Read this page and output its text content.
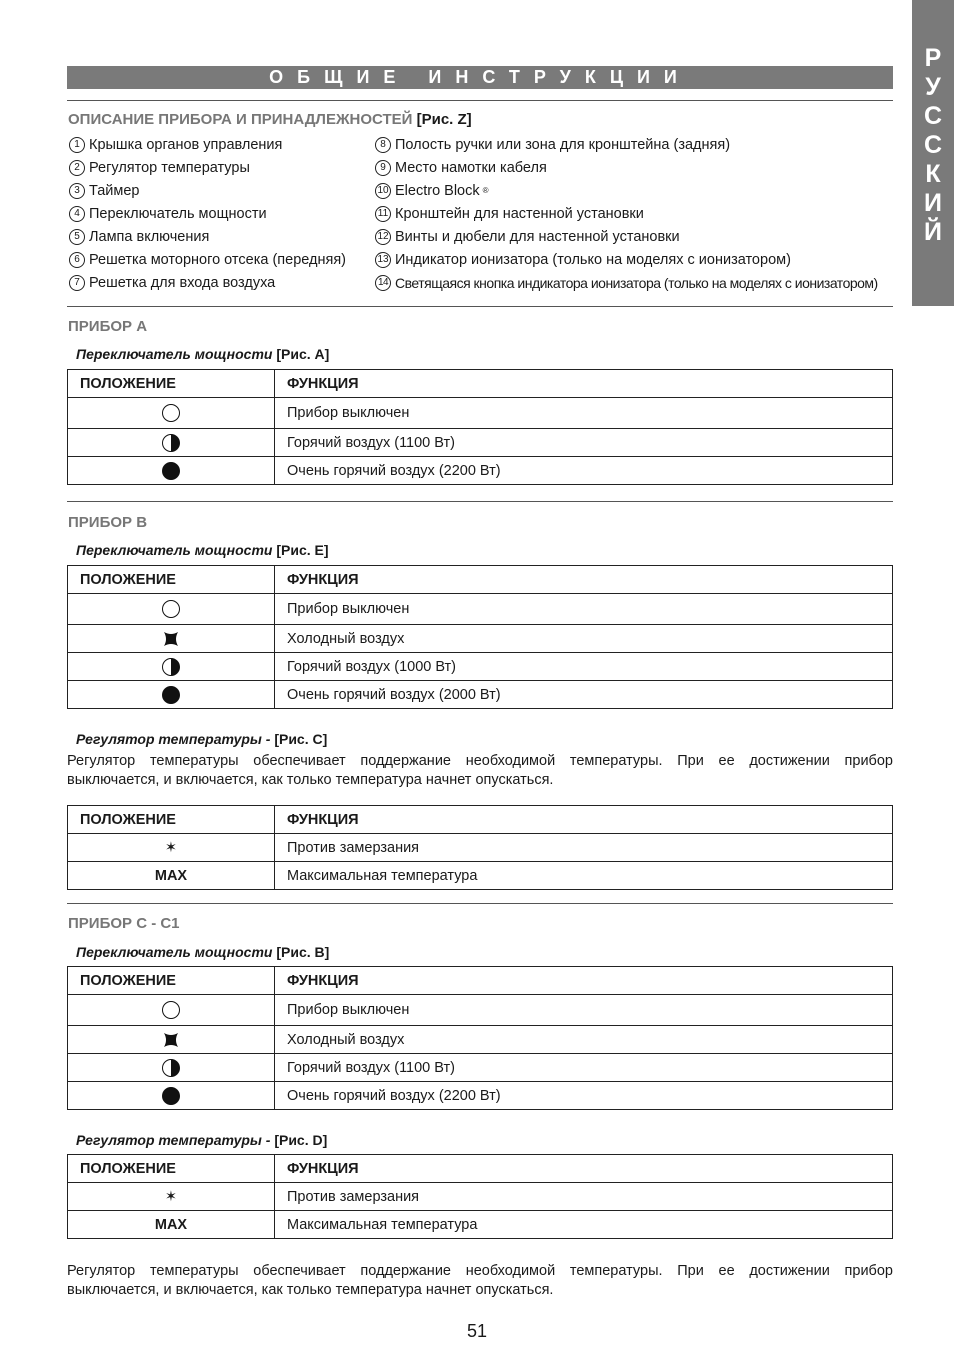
Р
У
С
С
К
И
Й
ОБЩИЕ ИНСТРУКЦИИ
ОПИСАНИЕ ПРИБОРА И ПРИНАДЛЕЖНОСТЕЙ [Рис. Z]
1 Крышка органов управления
2 Регулятор температуры
3 Таймер
4 Переключатель мощности
5 Лампа включения
6 Решетка моторного отсека (передняя)
7 Решетка для входа воздуха
8 Полость ручки или зона для кронштейна (задняя)
9 Место намотки кабеля
10 Electro Block ®
11 Кронштейн для настенной установки
12 Винты и дюбели для настенной установки
13 Индикатор ионизатора (только на моделях с ионизатором)
14 Светящаяся кнопка индикатора ионизатора (только на моделях с ионизатором)
ПРИБОР A
Переключатель мощности [Рис. A]
ПОЛОЖЕНИЕ	ФУНКЦИЯ
	Прибор выключен
	Горячий воздух (1100 Вт)
	Очень горячий воздух (2200 Вт)
ПРИБОР B
Переключатель мощности [Рис. E]
ПОЛОЖЕНИЕ	ФУНКЦИЯ
	Прибор выключен
	Холодный воздух
	Горячий воздух (1000 Вт)
	Очень горячий воздух (2000 Вт)
Регулятор температуры - [Рис. C]
Регулятор температуры обеспечивает поддержание необходимой температуры. При ее достижении прибор выключается, и включается, как только температура начнет опускаться.
ПОЛОЖЕНИЕ	ФУНКЦИЯ
✶	Против замерзания
MAX	Максимальная температура
ПРИБОР C - C1
Переключатель мощности [Рис. B]
ПОЛОЖЕНИЕ	ФУНКЦИЯ
	Прибор выключен
	Холодный воздух
	Горячий воздух (1100 Вт)
	Очень горячий воздух (2200 Вт)
Регулятор температуры - [Рис. D]
ПОЛОЖЕНИЕ	ФУНКЦИЯ
✶	Против замерзания
MAX	Максимальная температура
Регулятор температуры обеспечивает поддержание необходимой температуры. При ее достижении прибор выключается, и включается, как только температура начнет опускаться.
51
